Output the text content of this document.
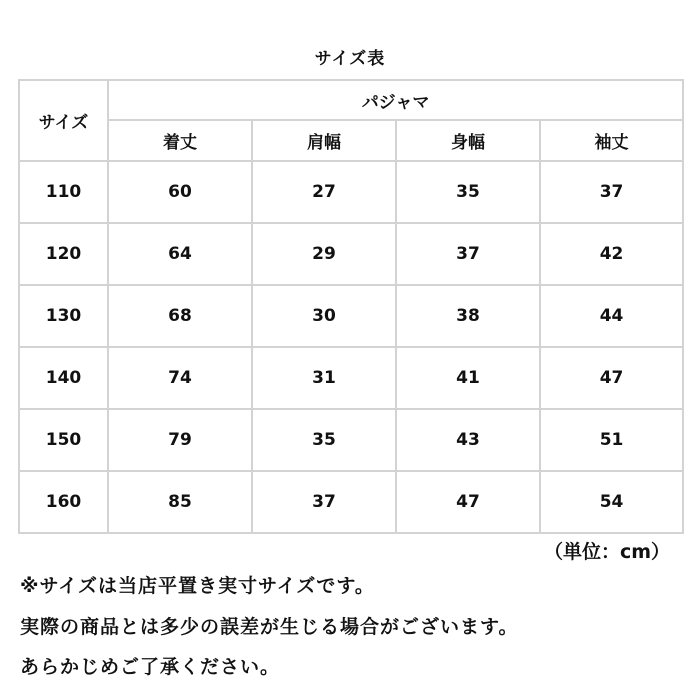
サイズ表
サイズ	パジャマ			
	着丈	肩幅	身幅	袖丈
110	60	27	35	37
120	64	29	37	42
130	68	30	38	44
140	74	31	41	47
150	79	35	43	51
160	85	37	47	54
（単位：cm）
※サイズは当店平置き実寸サイズです。
実際の商品とは多少の誤差が生じる場合がございます。
あらかじめご了承ください。
